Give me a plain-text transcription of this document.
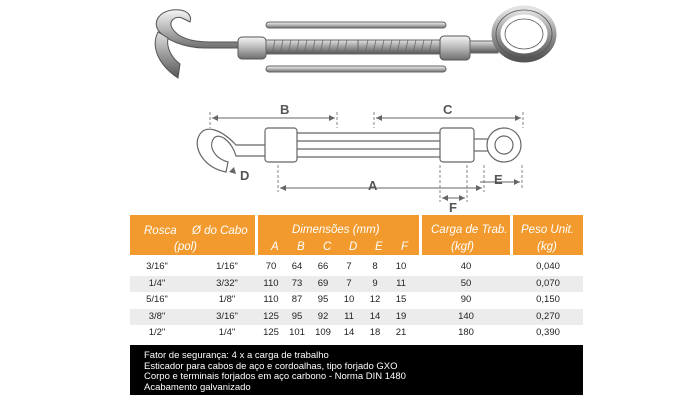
B	C
D
A	E
F
Rosca Ø do Cabo
(pol)
Dimensões (mm)
A B C D E F
Carga de Trab.
(kgf)
Peso Unit.
(kg)
3/16"	1/16"	70	64	66	7	8	10	40	0,040
1/4"	3/32"	110	73	69	7	9	11	50	0,070
5/16"	1/8"	110	87	95	10	12	15	90	0,150
3/8"	3/16"	125	95	92	11	14	19	140	0,270
1/2"	1/4"	125	101	109	14	18	21	180	0,390
Fator de segurança: 4 x a carga de trabalho
Esticador para cabos de aço e cordoalhas, tipo forjado GXO
Corpo e terminais forjados em aço carbono - Norma DIN 1480
Acabamento galvanizado
